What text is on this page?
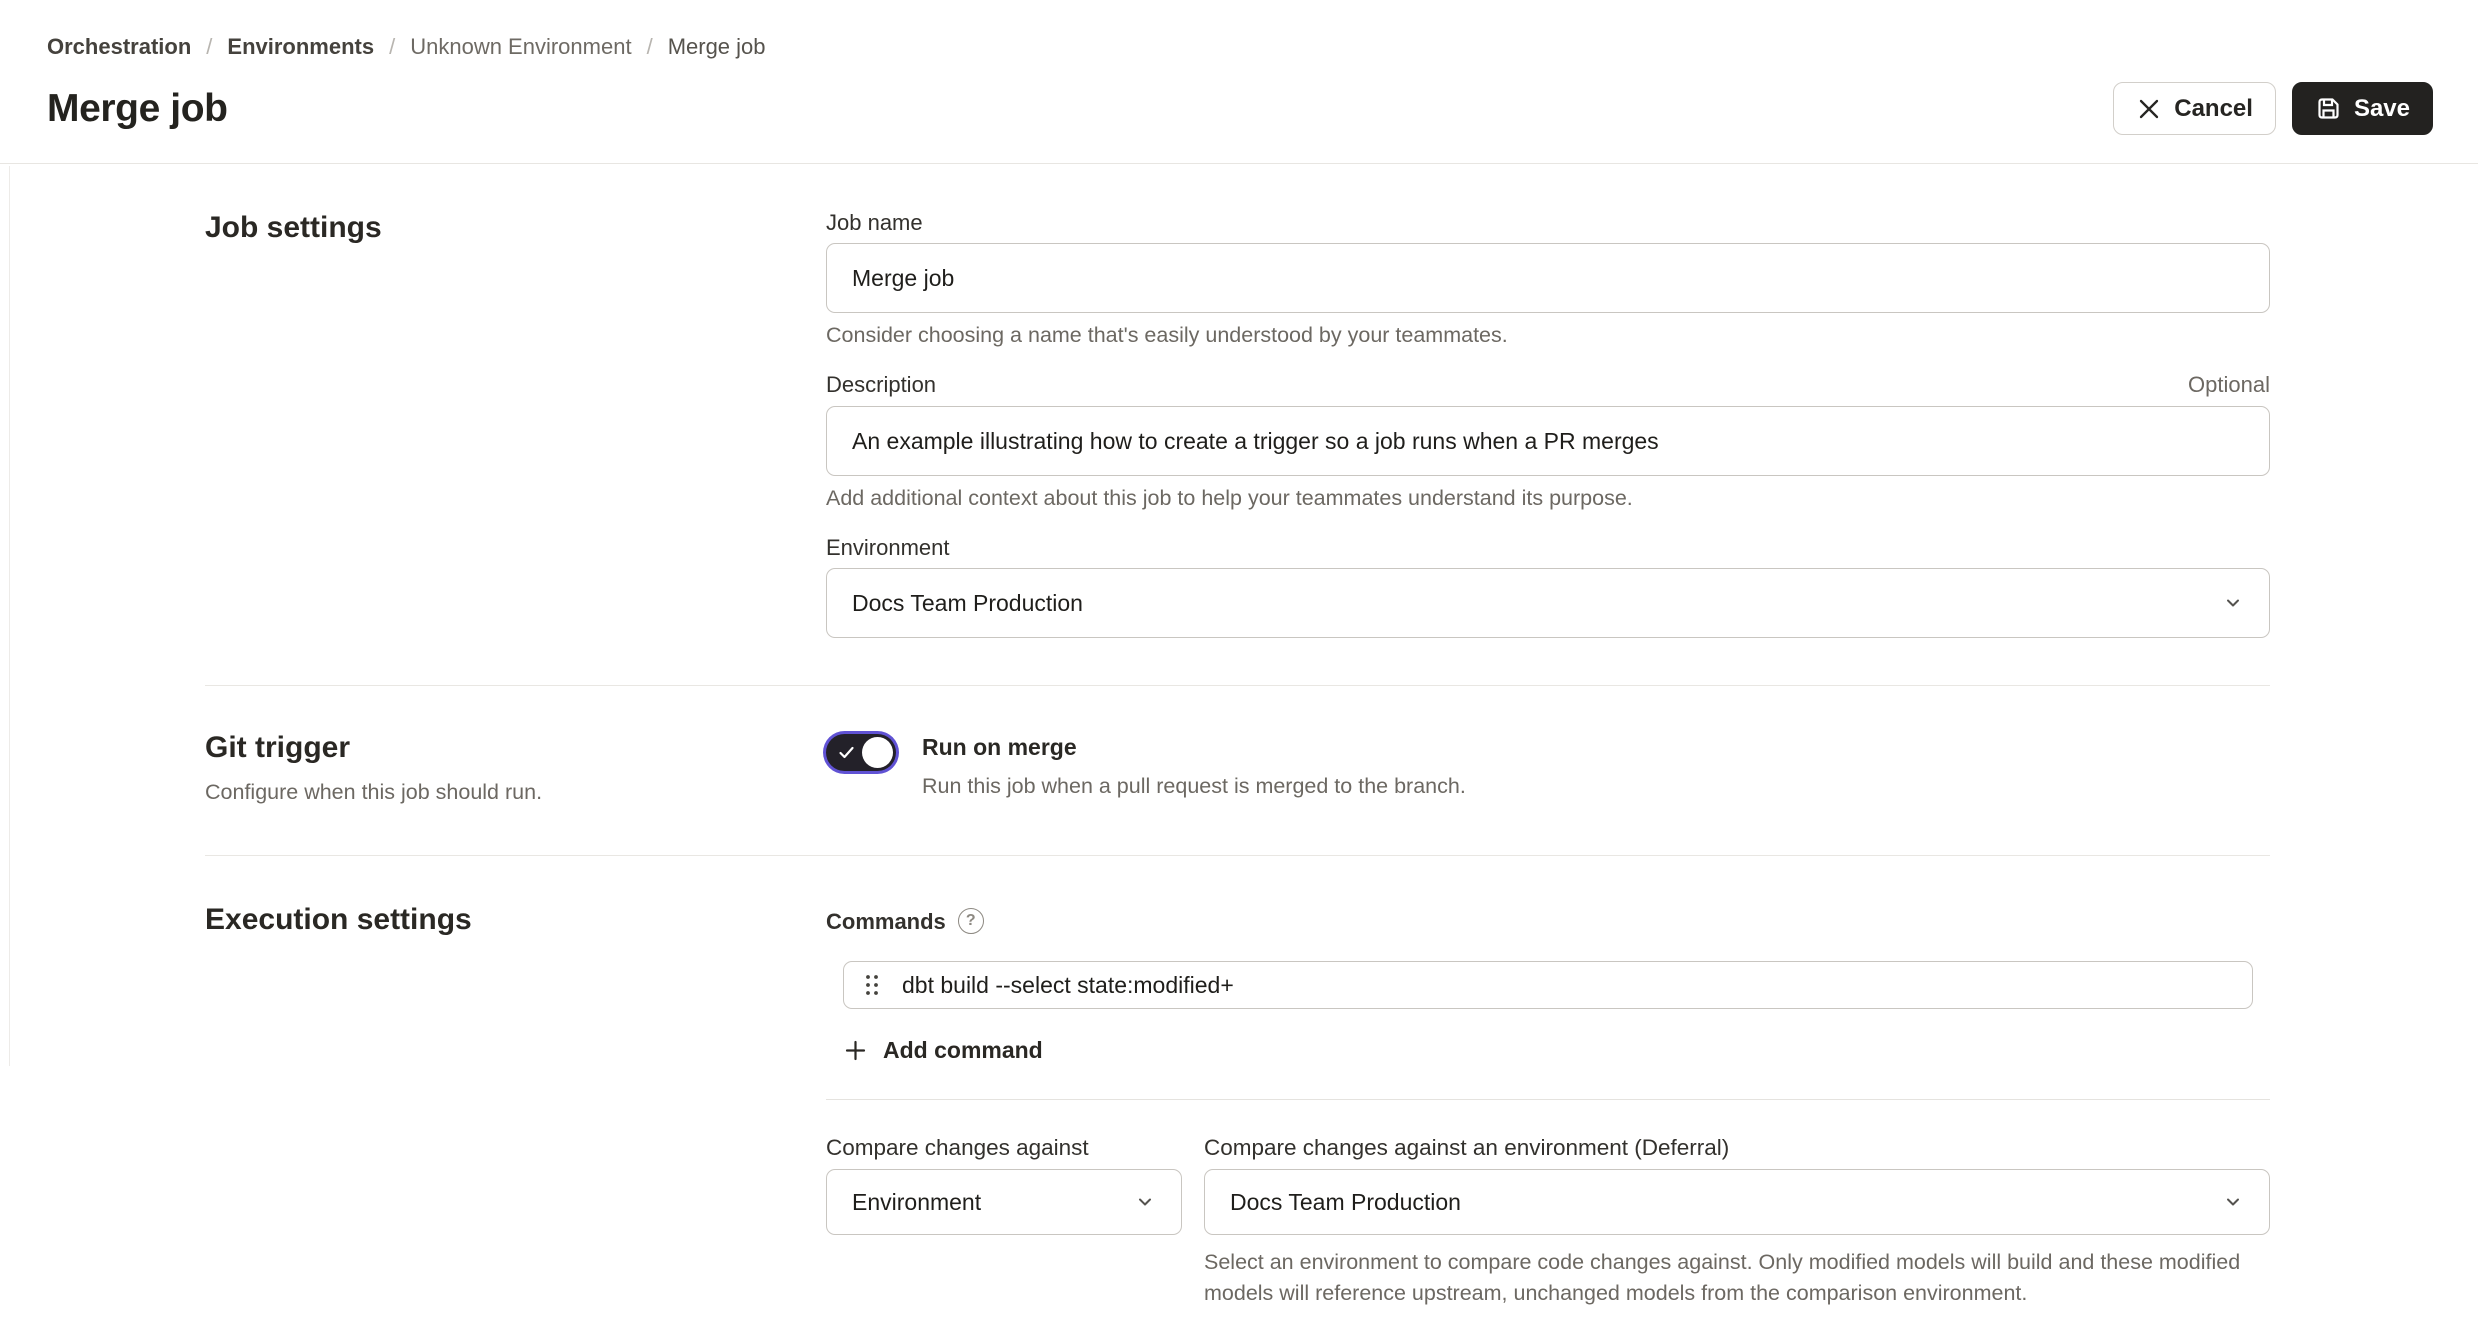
Orchestration / Environments / Unknown Environment / Merge job
Merge job	Cancel	Save
Job settings	Job name
Merge job
Consider choosing a name that's easily understood by your teammates.
Description	Optional
An example illustrating how to create a trigger so a job runs when a PR merges
Add additional context about this job to help your teammates understand its purpose.
Environment
Docs Team Production
Git trigger
Configure when this job should run.
Run on merge
Run this job when a pull request is merged to the branch.
Execution settings	Commands	?
dbt build --select state:modified+
Add command
Compare changes against
Environment
Compare changes against an environment (Deferral)
Docs Team Production
Select an environment to compare code changes against. Only modified models will build and these modified models will reference upstream, unchanged models from the comparison environment.
